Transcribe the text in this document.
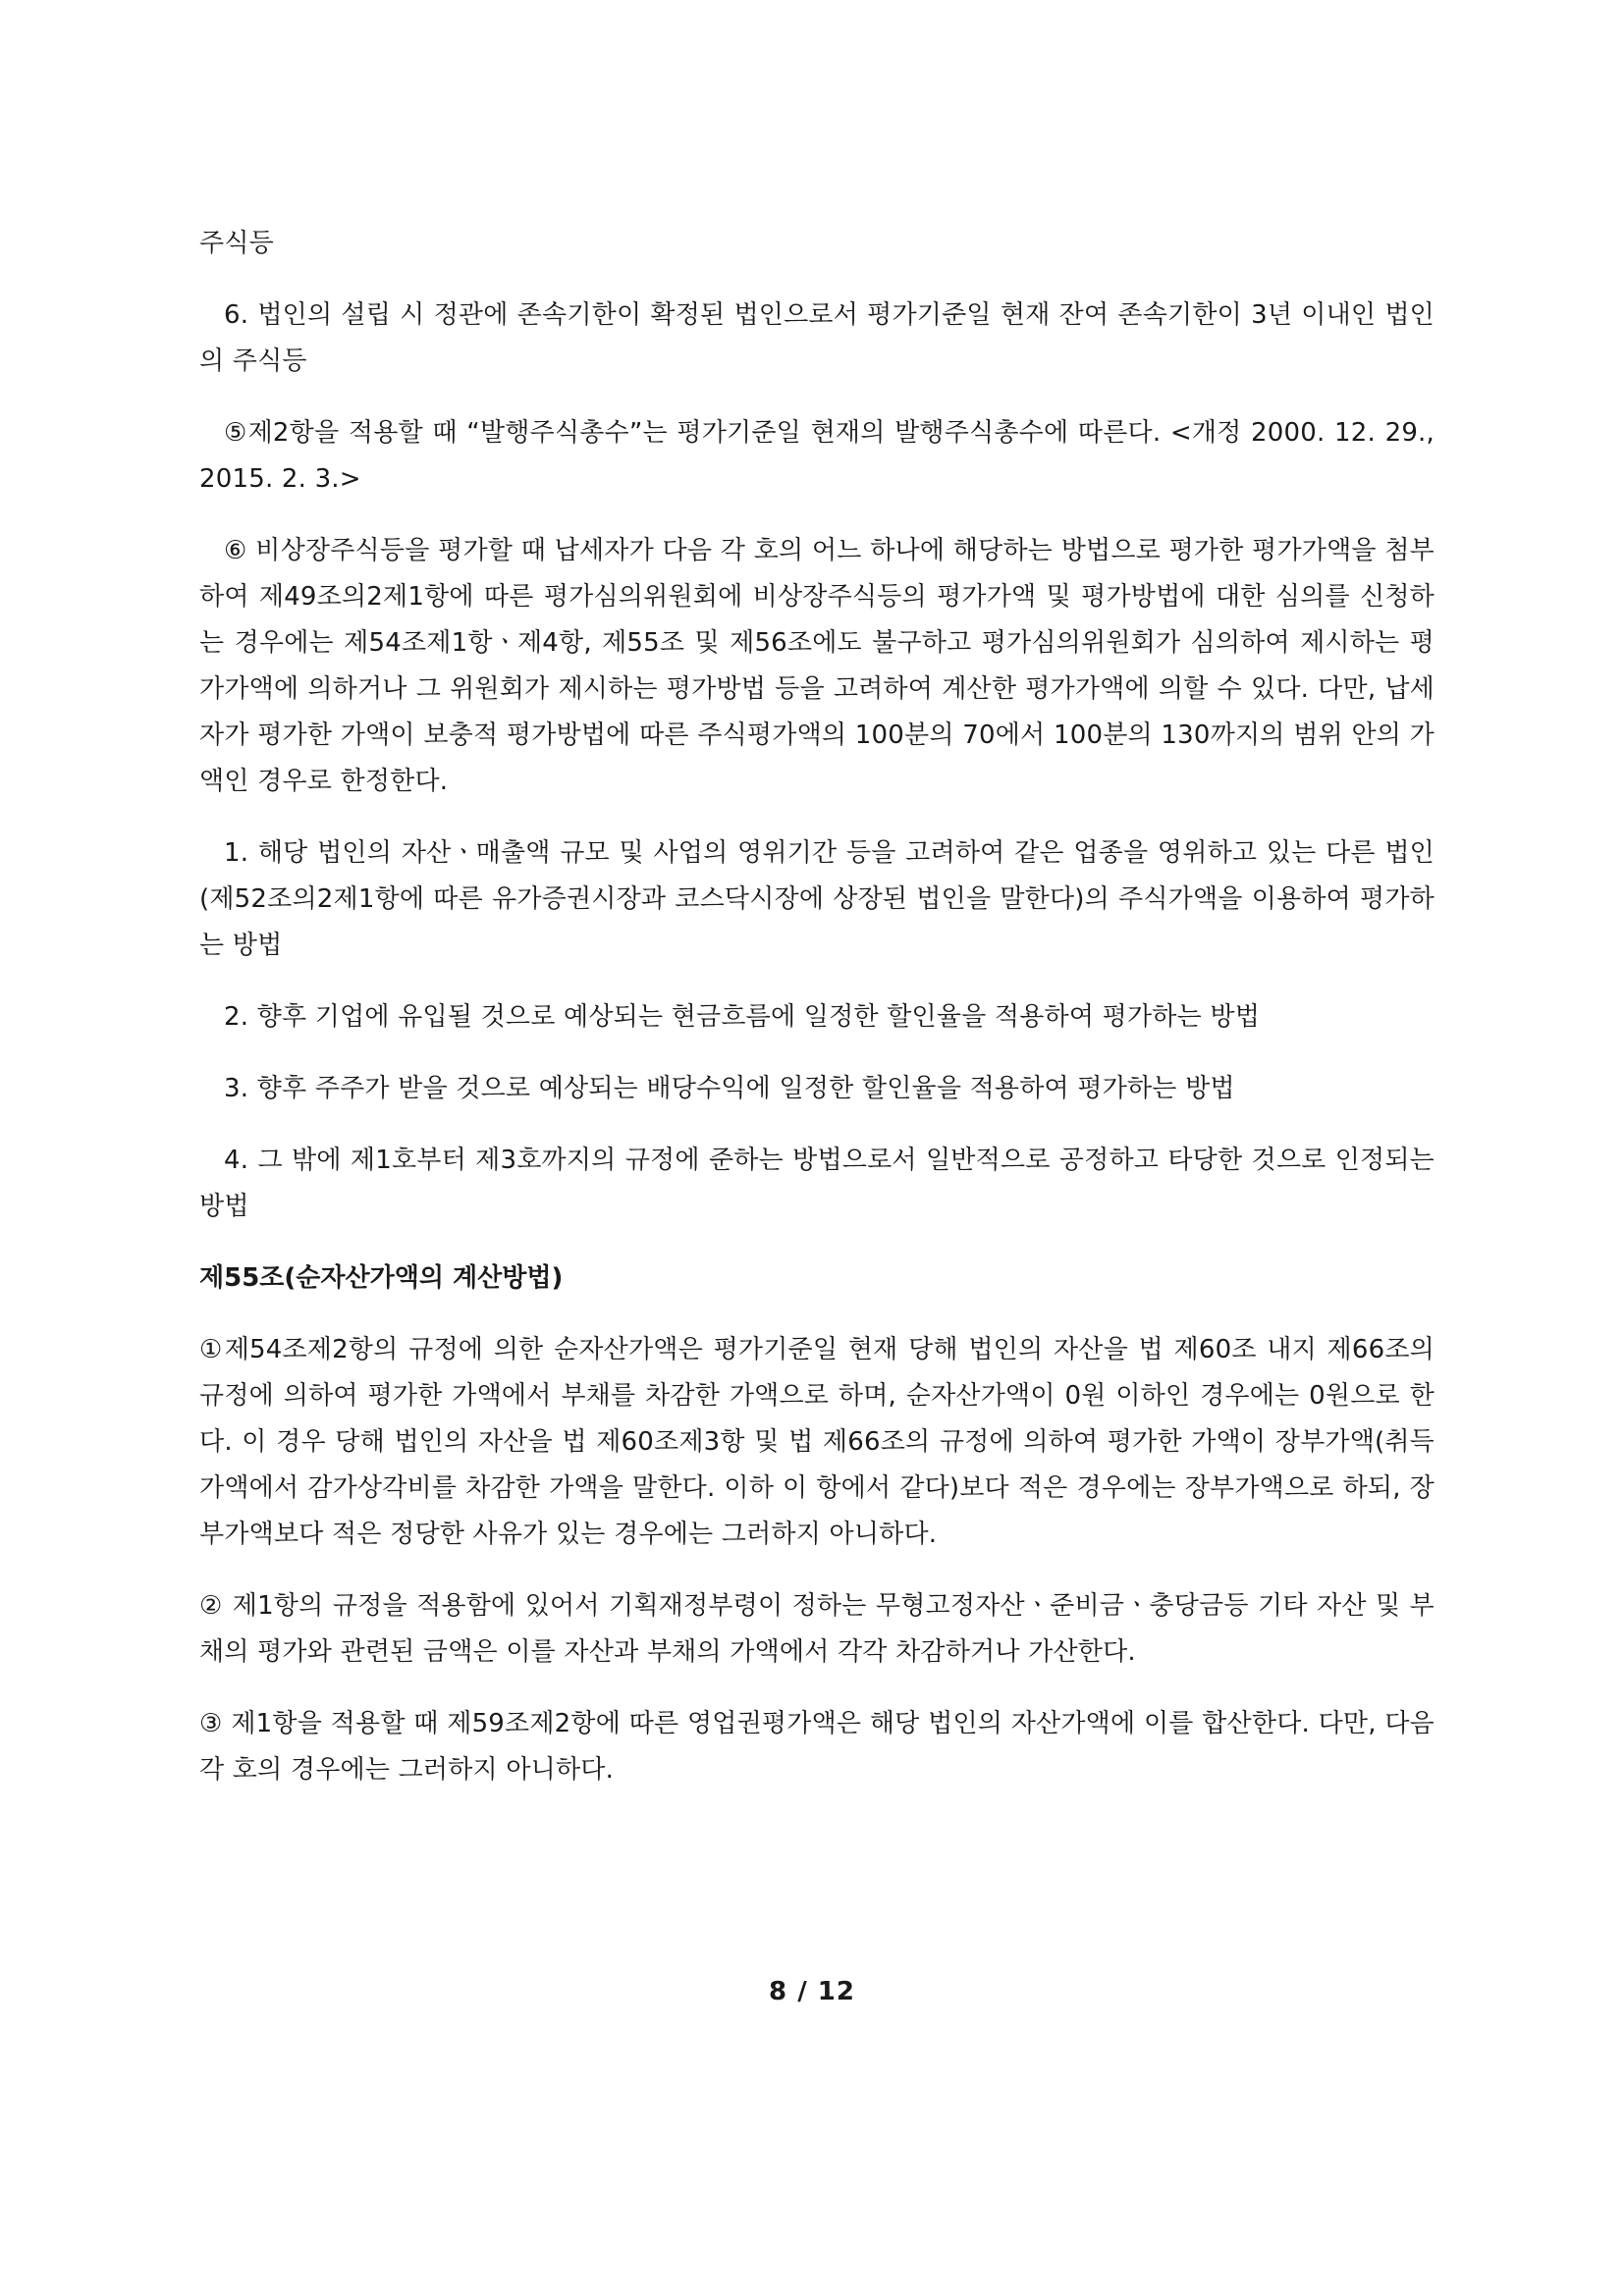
주식등

6. 법인의 설립 시 정관에 존속기한이 확정된 법인으로서 평가기준일 현재 잔여 존속기한이 3년 이내인 법인의 주식등

⑤제2항을 적용할 때 “발행주식총수”는 평가기준일 현재의 발행주식총수에 따른다. <개정 2000. 12. 29., 2015. 2. 3.>

⑥ 비상장주식등을 평가할 때 납세자가 다음 각 호의 어느 하나에 해당하는 방법으로 평가한 평가가액을 첨부하여 제49조의2제1항에 따른 평가심의위원회에 비상장주식등의 평가가액 및 평가방법에 대한 심의를 신청하는 경우에는 제54조제1항ㆍ제4항, 제55조 및 제56조에도 불구하고 평가심의위원회가 심의하여 제시하는 평가가액에 의하거나 그 위원회가 제시하는 평가방법 등을 고려하여 계산한 평가가액에 의할 수 있다. 다만, 납세자가 평가한 가액이 보충적 평가방법에 따른 주식평가액의 100분의 70에서 100분의 130까지의 범위 안의 가액인 경우로 한정한다.

1. 해당 법인의 자산ㆍ매출액 규모 및 사업의 영위기간 등을 고려하여 같은 업종을 영위하고 있는 다른 법인(제52조의2제1항에 따른 유가증권시장과 코스닥시장에 상장된 법인을 말한다)의 주식가액을 이용하여 평가하는 방법

2. 향후 기업에 유입될 것으로 예상되는 현금흐름에 일정한 할인율을 적용하여 평가하는 방법

3. 향후 주주가 받을 것으로 예상되는 배당수익에 일정한 할인율을 적용하여 평가하는 방법

4. 그 밖에 제1호부터 제3호까지의 규정에 준하는 방법으로서 일반적으로 공정하고 타당한 것으로 인정되는 방법

제55조(순자산가액의 계산방법)

①제54조제2항의 규정에 의한 순자산가액은 평가기준일 현재 당해 법인의 자산을 법 제60조 내지 제66조의 규정에 의하여 평가한 가액에서 부채를 차감한 가액으로 하며, 순자산가액이 0원 이하인 경우에는 0원으로 한다. 이 경우 당해 법인의 자산을 법 제60조제3항 및 법 제66조의 규정에 의하여 평가한 가액이 장부가액(취득가액에서 감가상각비를 차감한 가액을 말한다. 이하 이 항에서 같다)보다 적은 경우에는 장부가액으로 하되, 장부가액보다 적은 정당한 사유가 있는 경우에는 그러하지 아니하다.

② 제1항의 규정을 적용함에 있어서 기획재정부령이 정하는 무형고정자산ㆍ준비금ㆍ충당금등 기타 자산 및 부채의 평가와 관련된 금액은 이를 자산과 부채의 가액에서 각각 차감하거나 가산한다.

③ 제1항을 적용할 때 제59조제2항에 따른 영업권평가액은 해당 법인의 자산가액에 이를 합산한다. 다만, 다음 각 호의 경우에는 그러하지 아니하다.

8 / 12
